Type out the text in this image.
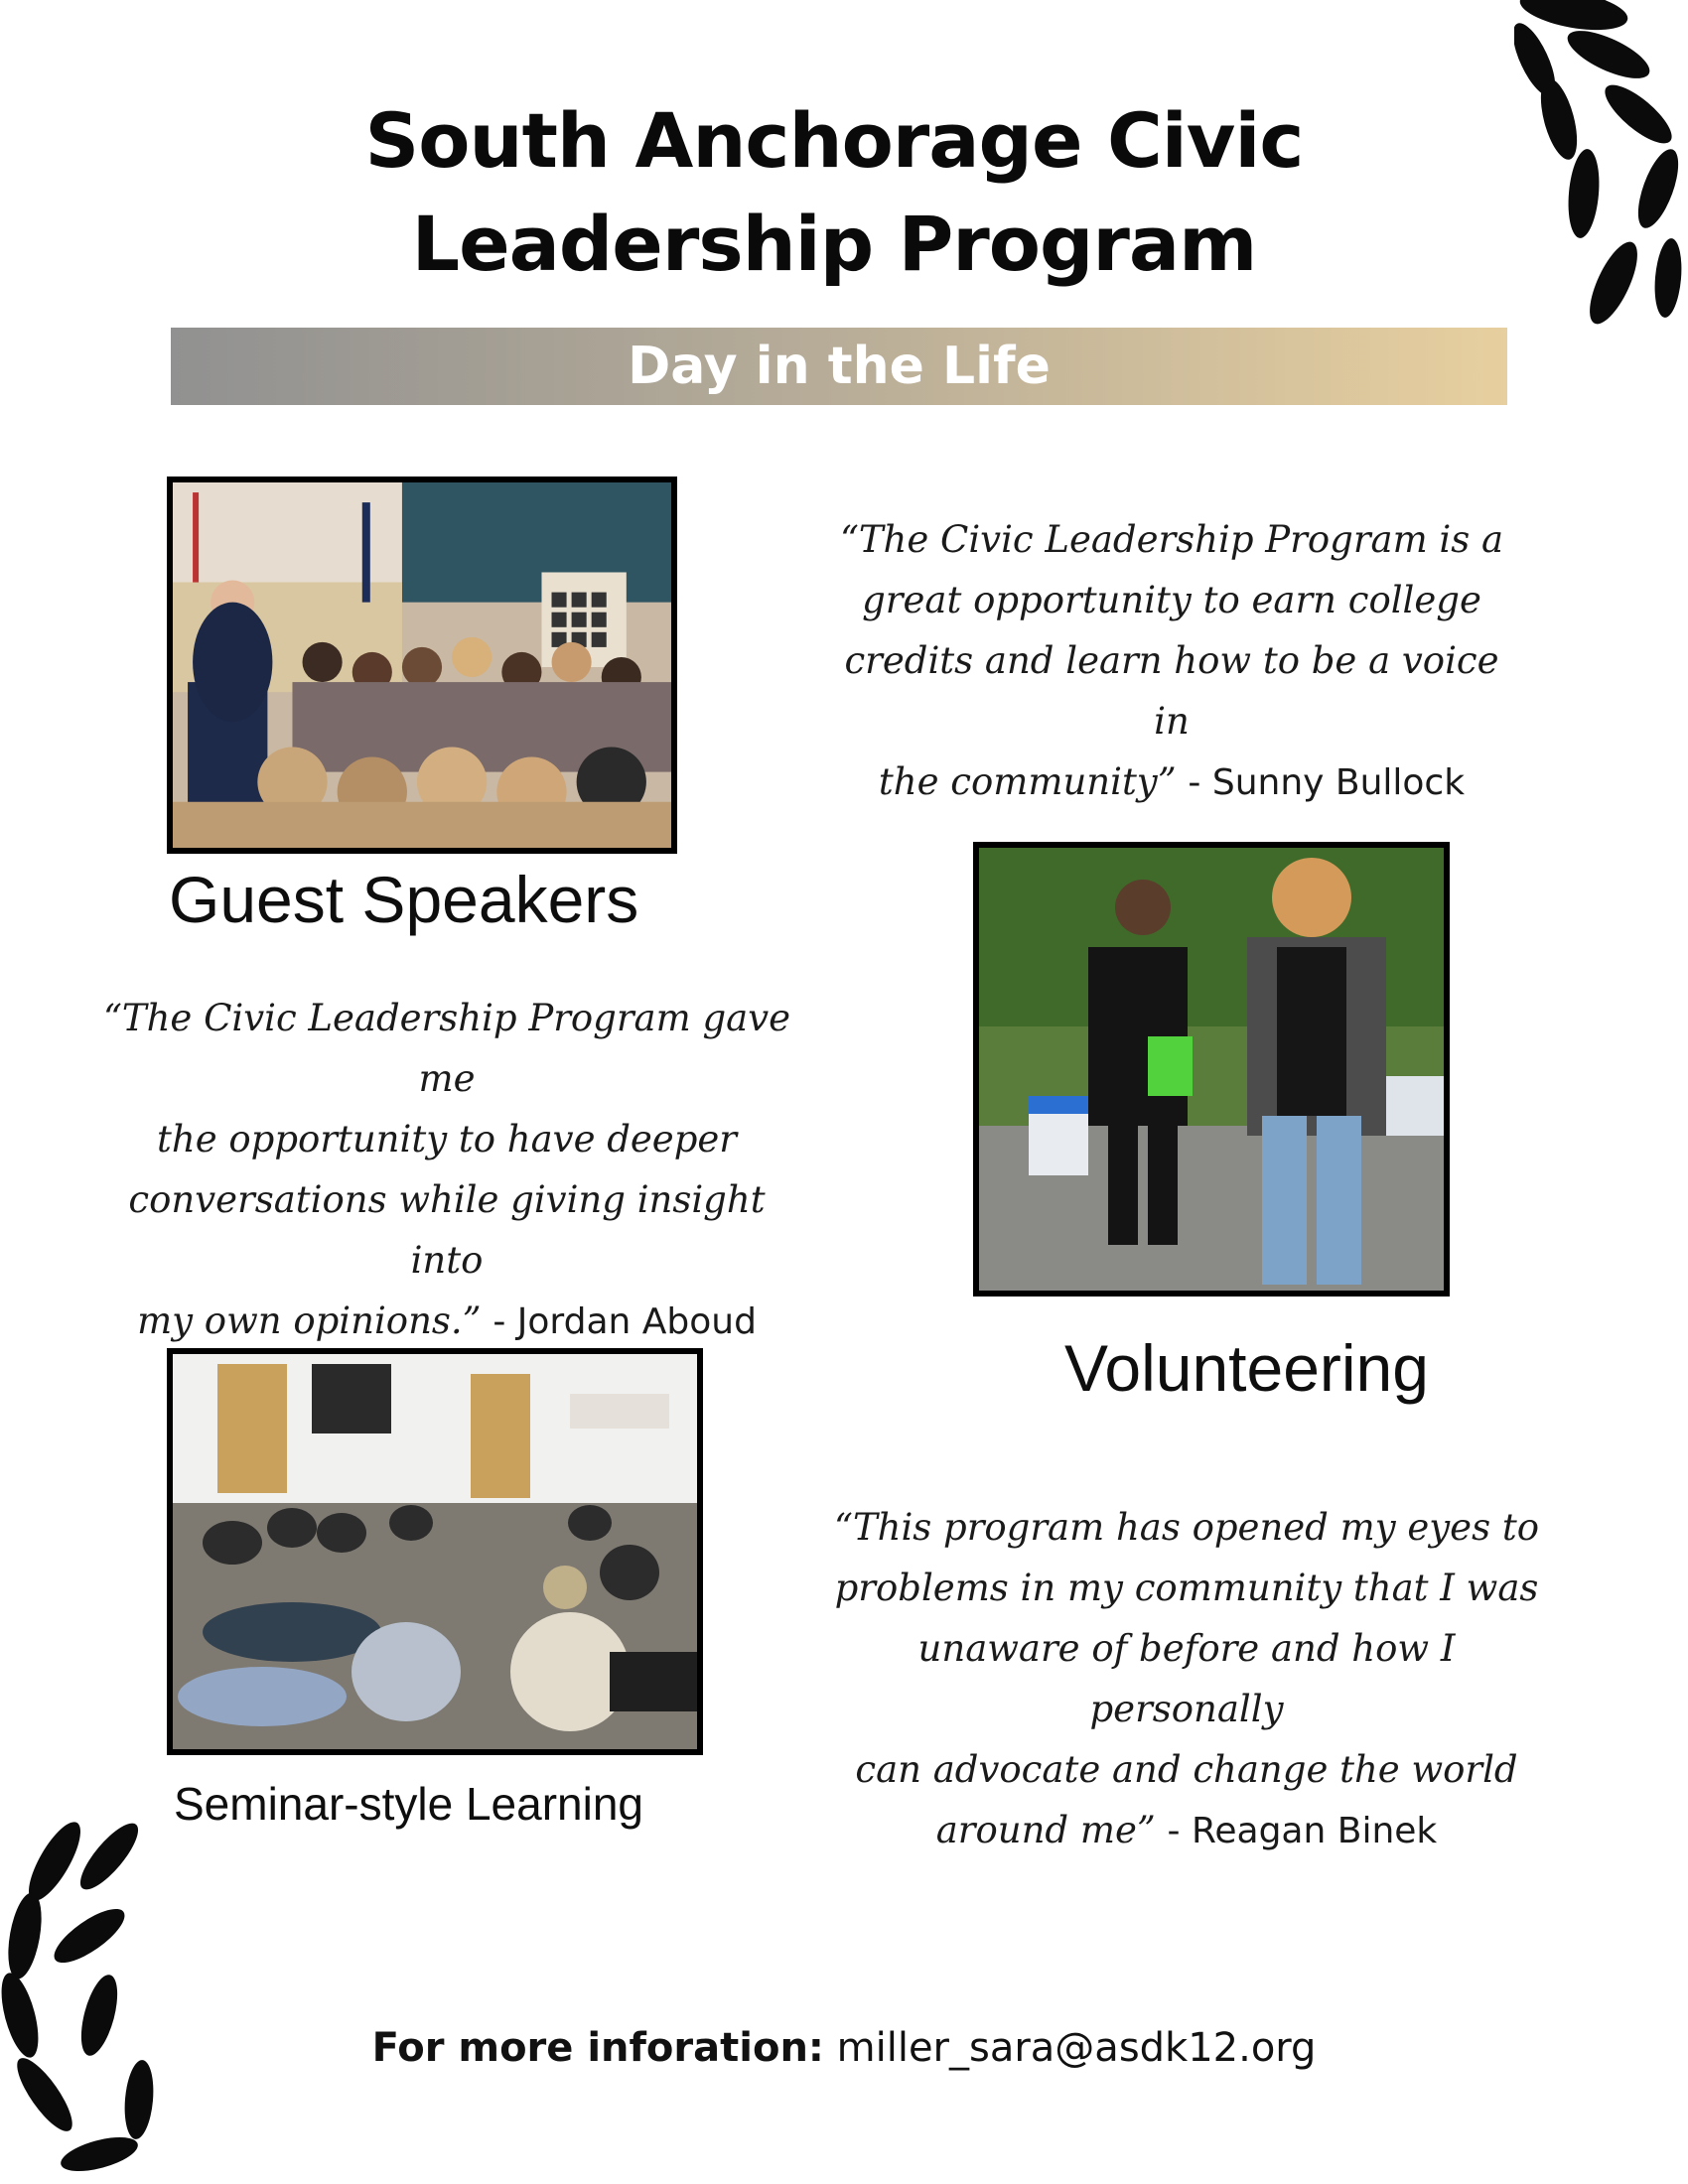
South Anchorage Civic
Leadership Program
Day in the Life
“The Civic Leadership Program is a
great opportunity to earn college
credits and learn how to be a voice in
the community” - Sunny Bullock
Guest Speakers
“The Civic Leadership Program gave me
the opportunity to have deeper
conversations while giving insight into
my own opinions.” - Jordan Aboud
Volunteering
“This program has opened my eyes to
problems in my community that I was
unaware of before and how I personally
can advocate and change the world
around me” - Reagan Binek
Seminar-style Learning
For more inforation: miller_sara@asdk12.org
